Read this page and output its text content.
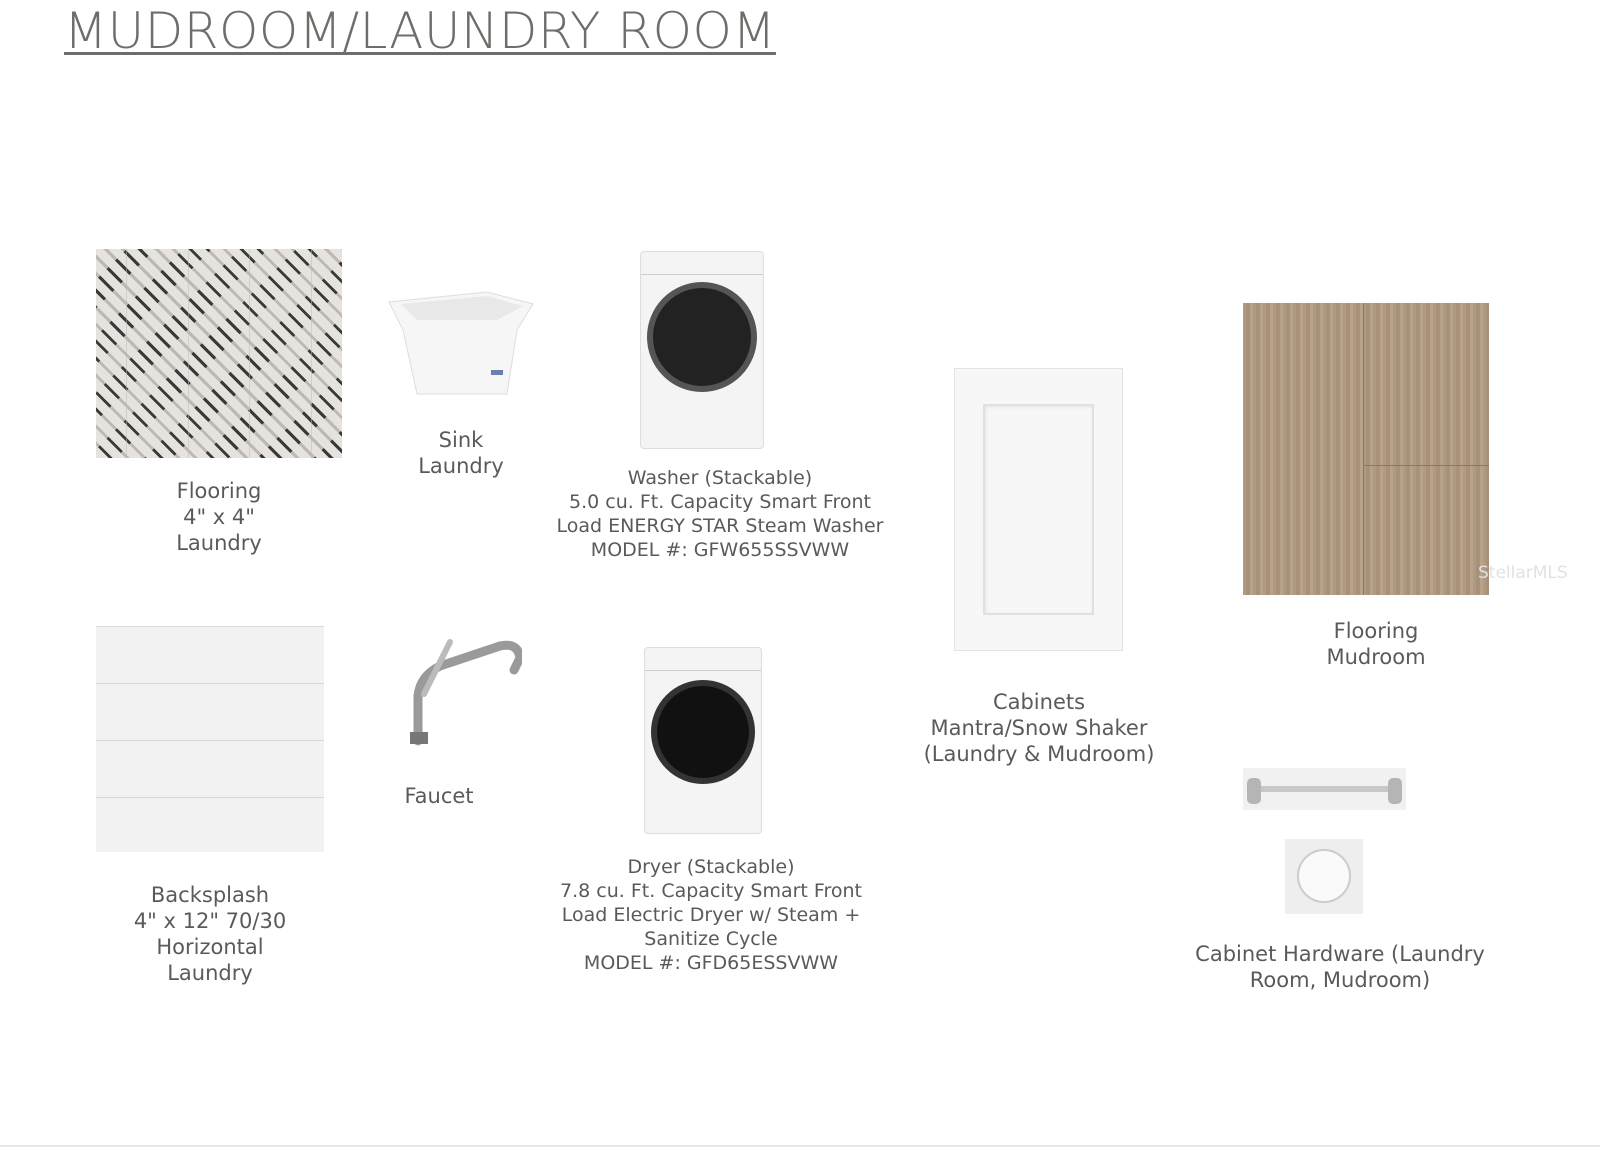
MUDROOM/LAUNDRY ROOM
Flooring
4" x 4"
Laundry
Sink
Laundry	Washer (Stackable)
5.0 cu. Ft. Capacity Smart Front
Load ENERGY STAR Steam Washer
MODEL #: GFW655SSVWW
Cabinets
Mantra/Snow Shaker
(Laundry & Mudroom)
StellarMLS
Flooring
Mudroom
Backsplash
4" x 12" 70/30
Horizontal
Laundry
Faucet
Dryer (Stackable)
7.8 cu. Ft. Capacity Smart Front
Load Electric Dryer w/ Steam +
Sanitize Cycle
MODEL #: GFD65ESSVWW	Cabinet Hardware (Laundry
Room, Mudroom)
